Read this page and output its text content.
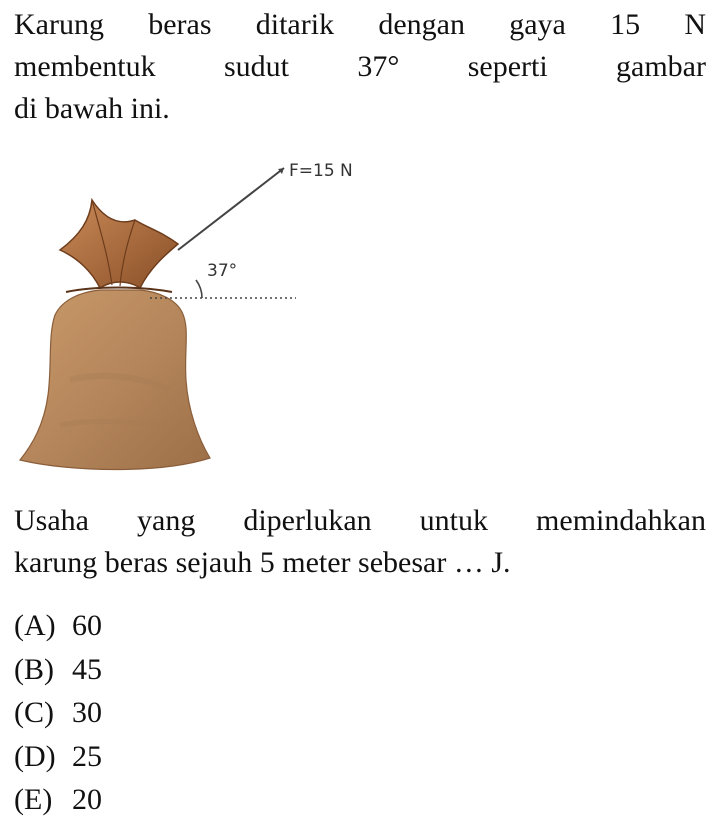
Karung beras ditarik dengan gaya 15 N
membentuk sudut 37° seperti gambar
di bawah ini.
F=15 N
37°
Usaha yang diperlukan untuk memindahkan
karung beras sejauh 5 meter sebesar … J.
(A) 60
(B) 45
(C) 30
(D) 25
(E) 20
